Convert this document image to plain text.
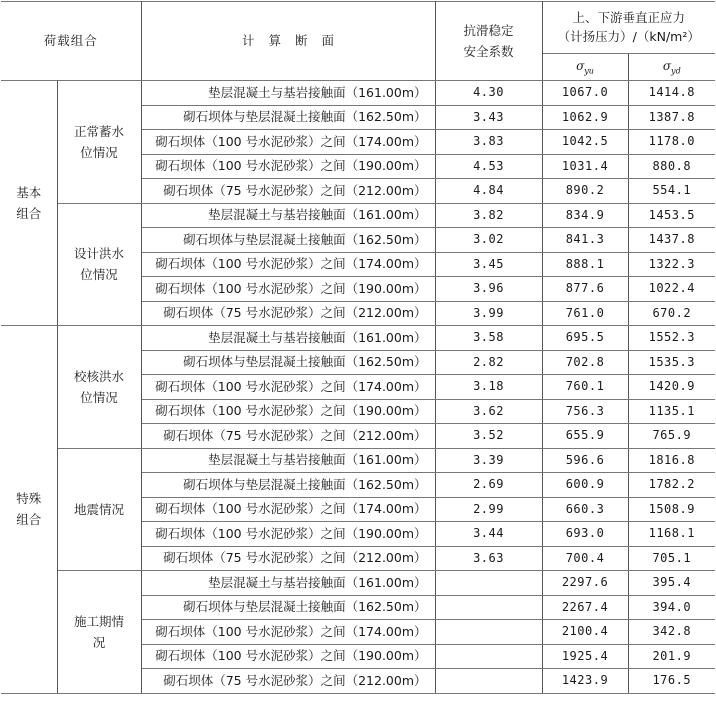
荷载组合		计算断面	抗滑稳定安全系数	上、下游垂直正应力
（计扬压力）/（kN/m²）	

				$\sigma_{yu}$	$\sigma_{yd}$

基本组合	正常蓄水位情况	垫层混凝土与基岩接触面（161.00m）	4.30	1067.0	1414.8
		砌石坝体与垫层混凝土接触面（162.50m）	3.43	1062.9	1387.8
		砌石坝体（100 号水泥砂浆）之间（174.00m）	3.83	1042.5	1178.0
		砌石坝体（100 号水泥砂浆）之间（190.00m）	4.53	1031.4	880.8
		砌石坝体（75 号水泥砂浆）之间（212.00m）	4.84	890.2	554.1

	设计洪水位情况	垫层混凝土与基岩接触面（161.00m）	3.82	834.9	1453.5
		砌石坝体与垫层混凝土接触面（162.50m）	3.02	841.3	1437.8
		砌石坝体（100 号水泥砂浆）之间（174.00m）	3.45	888.1	1322.3
		砌石坝体（100 号水泥砂浆）之间（190.00m）	3.96	877.6	1022.4
		砌石坝体（75 号水泥砂浆）之间（212.00m）	3.99	761.0	670.2

特殊组合	校核洪水位情况	垫层混凝土与基岩接触面（161.00m）	3.58	695.5	1552.3
		砌石坝体与垫层混凝土接触面（162.50m）	2.82	702.8	1535.3
		砌石坝体（100 号水泥砂浆）之间（174.00m）	3.18	760.1	1420.9
		砌石坝体（100 号水泥砂浆）之间（190.00m）	3.62	756.3	1135.1
		砌石坝体（75 号水泥砂浆）之间（212.00m）	3.52	655.9	765.9

	地震情况	垫层混凝土与基岩接触面（161.00m）	3.39	596.6	1816.8
		砌石坝体与垫层混凝土接触面（162.50m）	2.69	600.9	1782.2
		砌石坝体（100 号水泥砂浆）之间（174.00m）	2.99	660.3	1508.9
		砌石坝体（100 号水泥砂浆）之间（190.00m）	3.44	693.0	1168.1
		砌石坝体（75 号水泥砂浆）之间（212.00m）	3.63	700.4	705.1

	施工期情况	垫层混凝土与基岩接触面（161.00m）		2297.6	395.4
		砌石坝体与垫层混凝土接触面（162.50m）		2267.4	394.0
		砌石坝体（100 号水泥砂浆）之间（174.00m）		2100.4	342.8
		砌石坝体（100 号水泥砂浆）之间（190.00m）		1925.4	201.9
		砌石坝体（75 号水泥砂浆）之间（212.00m）		1423.9	176.5
